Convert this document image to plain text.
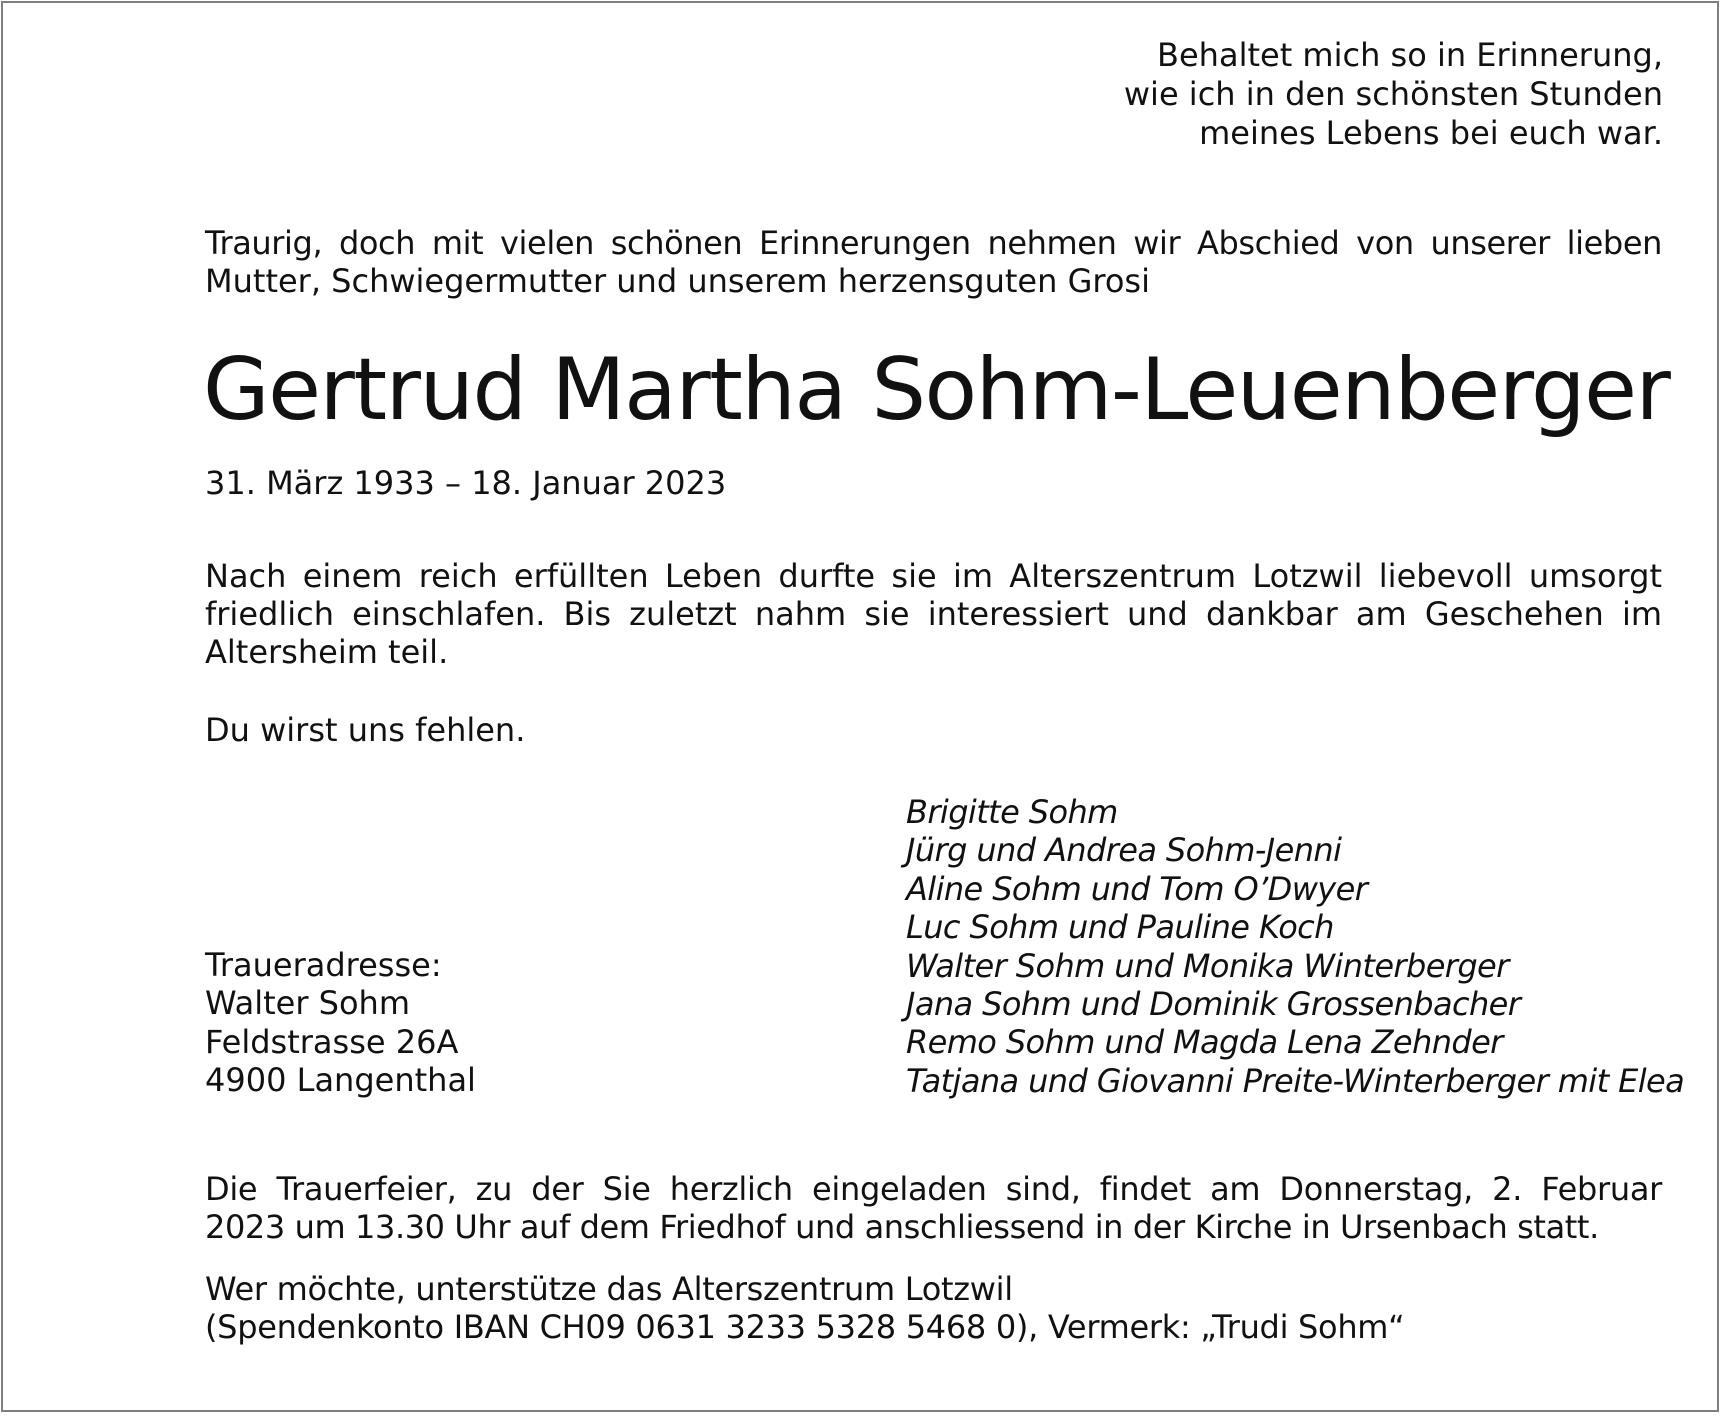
Behaltet mich so in Erinnerung,
wie ich in den schönsten Stunden
meines Lebens bei euch war.
Traurig, doch mit vielen schönen Erinnerungen nehmen wir Abschied von unserer lieben
Mutter, Schwiegermutter und unserem herzensguten Grosi
Gertrud Martha Sohm-Leuenberger
31. März 1933 – 18. Januar 2023
Nach einem reich erfüllten Leben durfte sie im Alterszentrum Lotzwil liebevoll umsorgt
friedlich einschlafen. Bis zuletzt nahm sie interessiert und dankbar am Geschehen im
Altersheim teil.
Du wirst uns fehlen.
Brigitte Sohm
Jürg und Andrea Sohm-Jenni
Aline Sohm und Tom O’Dwyer
Luc Sohm und Pauline Koch
Walter Sohm und Monika Winterberger
Jana Sohm und Dominik Grossenbacher
Remo Sohm und Magda Lena Zehnder
Tatjana und Giovanni Preite-Winterberger mit Elea
Traueradresse:
Walter Sohm
Feldstrasse 26A
4900 Langenthal
Die Trauerfeier, zu der Sie herzlich eingeladen sind, findet am Donnerstag, 2. Februar
2023 um 13.30 Uhr auf dem Friedhof und anschliessend in der Kirche in Ursenbach statt.
Wer möchte, unterstütze das Alterszentrum Lotzwil
(Spendenkonto IBAN CH09 0631 3233 5328 5468 0), Vermerk: „Trudi Sohm“
